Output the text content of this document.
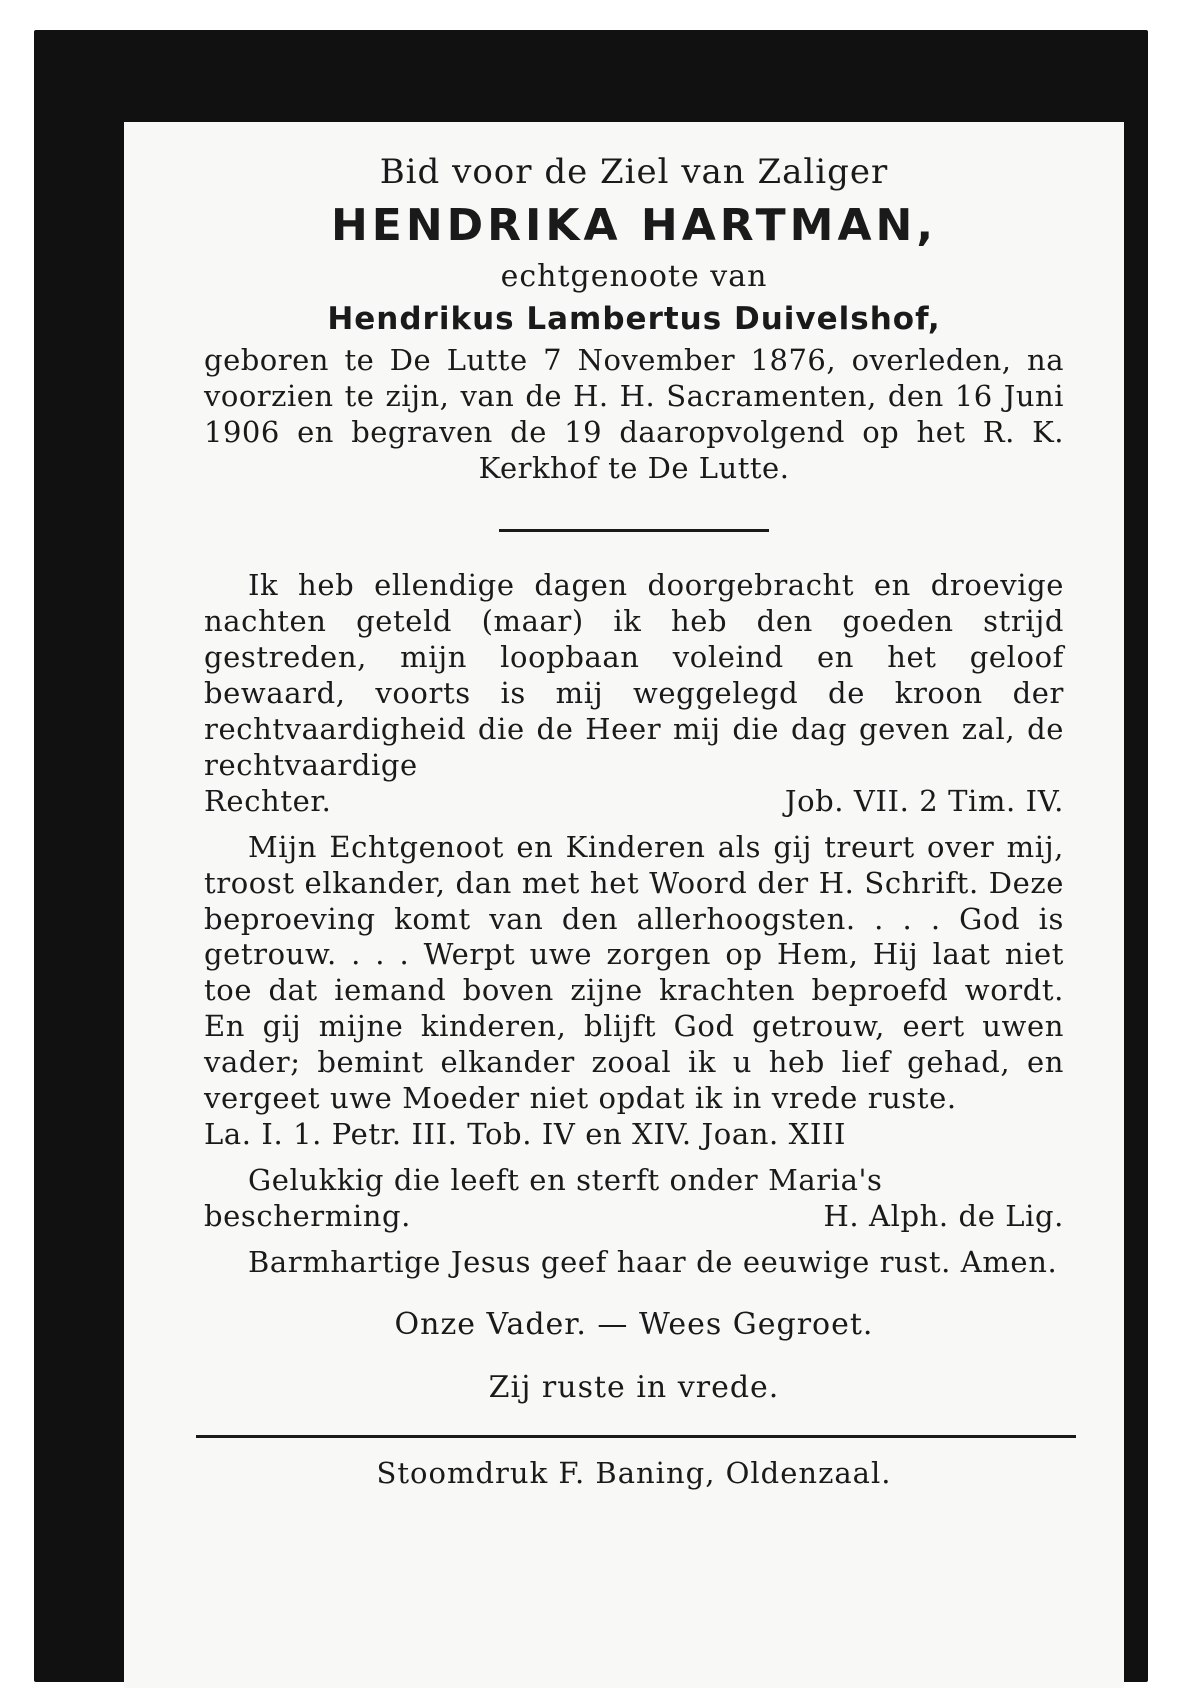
Bid voor de Ziel van Zaliger

HENDRIKA HARTMAN,

echtgenoote van

Hendrikus Lambertus Duivelshof,

geboren te De Lutte 7 November 1876, overleden, na voorzien te zijn, van de H. H. Sacramenten, den 16 Juni 1906 en begraven de 19 daaropvolgend op het R. K. Kerkhof te De Lutte.

Ik heb ellendige dagen doorgebracht en droevige nachten geteld (maar) ik heb den goeden strijd gestreden, mijn loopbaan voleind en het geloof bewaard, voorts is mij weggelegd de kroon der rechtvaardigheid die de Heer mij die dag geven zal, de rechtvaardige

Rechter.	Job. VII. 2 Tim. IV.

Mijn Echtgenoot en Kinderen als gij treurt over mij, troost elkander, dan met het Woord der H. Schrift. Deze beproeving komt van den allerhoogsten. . . . God is getrouw. . . . Werpt uwe zorgen op Hem, Hij laat niet toe dat iemand boven zijne krachten beproefd wordt. En gij mijne kinderen, blijft God getrouw, eert uwen vader; bemint elkander zooal ik u heb lief gehad, en vergeet uwe Moeder niet opdat ik in vrede ruste.

La. I. 1. Petr. III. Tob. IV en XIV. Joan. XIII

Gelukkig die leeft en sterft onder Maria's

bescherming.	H. Alph. de Lig.

Barmhartige Jesus geef haar de eeuwige rust. Amen.

Onze Vader. — Wees Gegroet.

Zij ruste in vrede.

Stoomdruk F. Baning, Oldenzaal.
